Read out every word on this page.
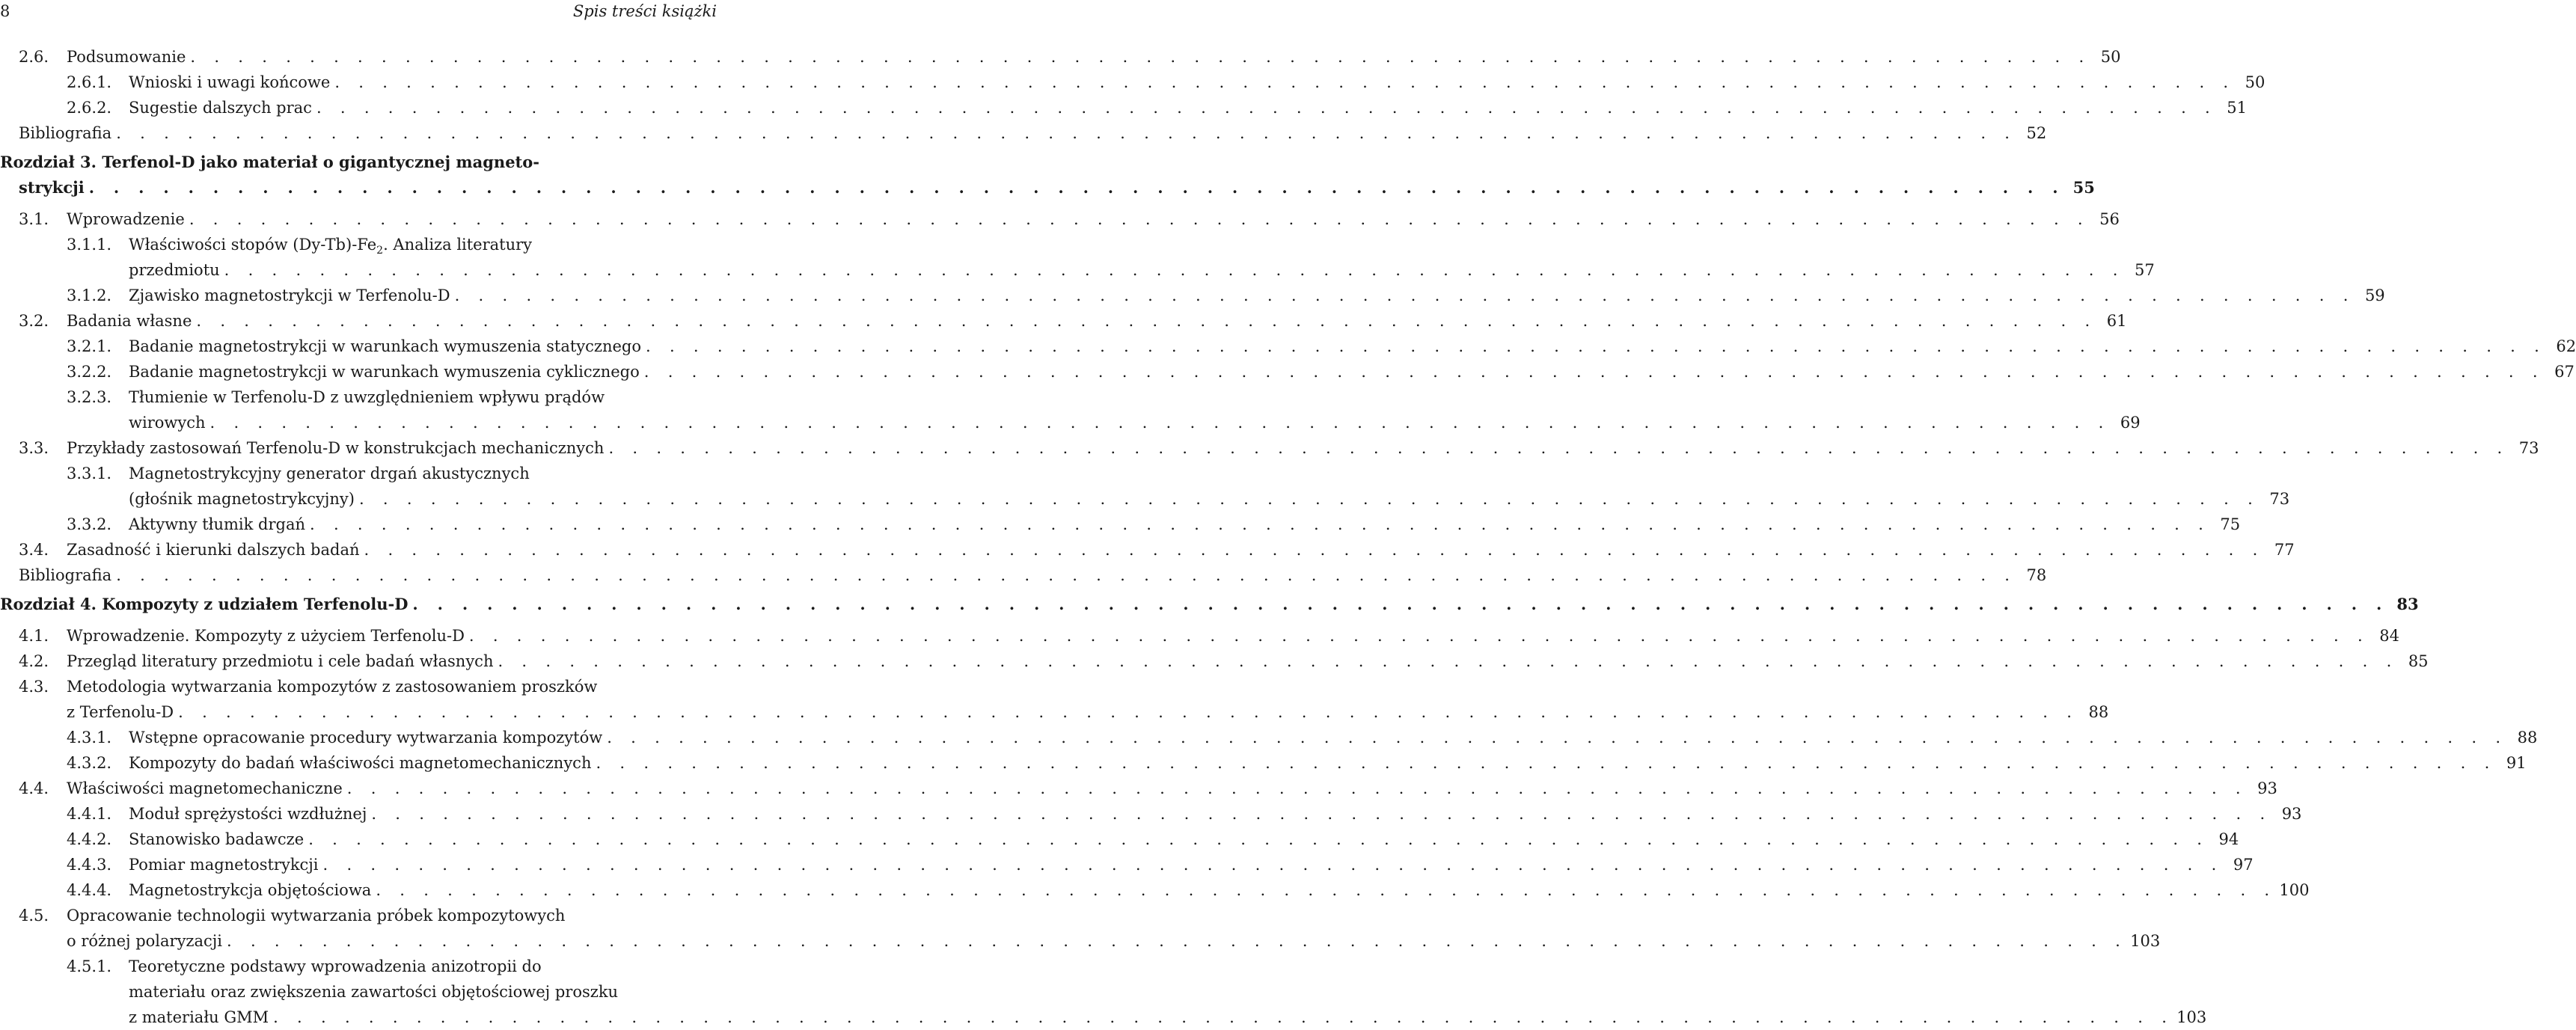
8	Spis treści książki
2.6. Podsumowanie . . . . . . . . . . . . . . . . . . . . . . . . . . . . . . . . . . . . . . . . . . . . . . . . . . . . . . . . . . . . . . . . . . . . . . . . . . . . . . . . 50
2.6.1. Wnioski i uwagi końcowe . . . . . . . . . . . . . . . . . . . . . . . . . . . . . . . . . . . . . . . . . . . . . . . . . . . . . . . . . . . . . . . . . . . . . . . . . . . . . . . . 50
2.6.2. Sugestie dalszych prac . . . . . . . . . . . . . . . . . . . . . . . . . . . . . . . . . . . . . . . . . . . . . . . . . . . . . . . . . . . . . . . . . . . . . . . . . . . . . . . . 51
Bibliografia . . . . . . . . . . . . . . . . . . . . . . . . . . . . . . . . . . . . . . . . . . . . . . . . . . . . . . . . . . . . . . . . . . . . . . . . . . . . . . . . 52
Rozdział 3. Terfenol-D jako materiał o gigantycznej magneto-
strykcji . . . . . . . . . . . . . . . . . . . . . . . . . . . . . . . . . . . . . . . . . . . . . . . . . . . . . . . . . . . . . . . . . . . . . . . . . . . . . . . . 55
3.1. Wprowadzenie . . . . . . . . . . . . . . . . . . . . . . . . . . . . . . . . . . . . . . . . . . . . . . . . . . . . . . . . . . . . . . . . . . . . . . . . . . . . . . . . 56
3.1.1. Właściwości stopów $(Dy-Tb)-Fe_2$. Analiza literatury
przedmiotu . . . . . . . . . . . . . . . . . . . . . . . . . . . . . . . . . . . . . . . . . . . . . . . . . . . . . . . . . . . . . . . . . . . . . . . . . . . . . . . . 57
3.1.2. Zjawisko magnetostrykcji w Terfenolu-D . . . . . . . . . . . . . . . . . . . . . . . . . . . . . . . . . . . . . . . . . . . . . . . . . . . . . . . . . . . . . . . . . . . . . . . . . . . . . . . . 59
3.2. Badania własne . . . . . . . . . . . . . . . . . . . . . . . . . . . . . . . . . . . . . . . . . . . . . . . . . . . . . . . . . . . . . . . . . . . . . . . . . . . . . . . . 61
3.2.1. Badanie magnetostrykcji w warunkach wymuszenia statycznego . . . . . . . . . . . . . . . . . . . . . . . . . . . . . . . . . . . . . . . . . . . . . . . . . . . . . . . . . . . . . . . . . . . . . . . . . . . . . . . . 62
3.2.2. Badanie magnetostrykcji w warunkach wymuszenia cyklicznego . . . . . . . . . . . . . . . . . . . . . . . . . . . . . . . . . . . . . . . . . . . . . . . . . . . . . . . . . . . . . . . . . . . . . . . . . . . . . . . . 67
3.2.3. Tłumienie w Terfenolu-D z uwzględnieniem wpływu prądów
wirowych . . . . . . . . . . . . . . . . . . . . . . . . . . . . . . . . . . . . . . . . . . . . . . . . . . . . . . . . . . . . . . . . . . . . . . . . . . . . . . . . 69
3.3. Przykłady zastosowań Terfenolu-D w konstrukcjach mechanicznych . . . . . . . . . . . . . . . . . . . . . . . . . . . . . . . . . . . . . . . . . . . . . . . . . . . . . . . . . . . . . . . . . . . . . . . . . . . . . . . . 73
3.3.1. Magnetostrykcyjny generator drgań akustycznych
(głośnik magnetostrykcyjny) . . . . . . . . . . . . . . . . . . . . . . . . . . . . . . . . . . . . . . . . . . . . . . . . . . . . . . . . . . . . . . . . . . . . . . . . . . . . . . . . 73
3.3.2. Aktywny tłumik drgań . . . . . . . . . . . . . . . . . . . . . . . . . . . . . . . . . . . . . . . . . . . . . . . . . . . . . . . . . . . . . . . . . . . . . . . . . . . . . . . . 75
3.4. Zasadność i kierunki dalszych badań . . . . . . . . . . . . . . . . . . . . . . . . . . . . . . . . . . . . . . . . . . . . . . . . . . . . . . . . . . . . . . . . . . . . . . . . . . . . . . . . 77
Bibliografia . . . . . . . . . . . . . . . . . . . . . . . . . . . . . . . . . . . . . . . . . . . . . . . . . . . . . . . . . . . . . . . . . . . . . . . . . . . . . . . . 78
Rozdział 4. Kompozyty z udziałem Terfenolu-D . . . . . . . . . . . . . . . . . . . . . . . . . . . . . . . . . . . . . . . . . . . . . . . . . . . . . . . . . . . . . . . . . . . . . . . . . . . . . . . . 83
4.1. Wprowadzenie. Kompozyty z użyciem Terfenolu-D . . . . . . . . . . . . . . . . . . . . . . . . . . . . . . . . . . . . . . . . . . . . . . . . . . . . . . . . . . . . . . . . . . . . . . . . . . . . . . . . 84
4.2. Przegląd literatury przedmiotu i cele badań własnych . . . . . . . . . . . . . . . . . . . . . . . . . . . . . . . . . . . . . . . . . . . . . . . . . . . . . . . . . . . . . . . . . . . . . . . . . . . . . . . . 85
4.3. Metodologia wytwarzania kompozytów z zastosowaniem proszków
z Terfenolu-D . . . . . . . . . . . . . . . . . . . . . . . . . . . . . . . . . . . . . . . . . . . . . . . . . . . . . . . . . . . . . . . . . . . . . . . . . . . . . . . . 88
4.3.1. Wstępne opracowanie procedury wytwarzania kompozytów . . . . . . . . . . . . . . . . . . . . . . . . . . . . . . . . . . . . . . . . . . . . . . . . . . . . . . . . . . . . . . . . . . . . . . . . . . . . . . . . 88
4.3.2. Kompozyty do badań właściwości magnetomechanicznych . . . . . . . . . . . . . . . . . . . . . . . . . . . . . . . . . . . . . . . . . . . . . . . . . . . . . . . . . . . . . . . . . . . . . . . . . . . . . . . . 91
4.4. Właściwości magnetomechaniczne . . . . . . . . . . . . . . . . . . . . . . . . . . . . . . . . . . . . . . . . . . . . . . . . . . . . . . . . . . . . . . . . . . . . . . . . . . . . . . . . 93
4.4.1. Moduł sprężystości wzdłużnej . . . . . . . . . . . . . . . . . . . . . . . . . . . . . . . . . . . . . . . . . . . . . . . . . . . . . . . . . . . . . . . . . . . . . . . . . . . . . . . . 93
4.4.2. Stanowisko badawcze . . . . . . . . . . . . . . . . . . . . . . . . . . . . . . . . . . . . . . . . . . . . . . . . . . . . . . . . . . . . . . . . . . . . . . . . . . . . . . . . 94
4.4.3. Pomiar magnetostrykcji . . . . . . . . . . . . . . . . . . . . . . . . . . . . . . . . . . . . . . . . . . . . . . . . . . . . . . . . . . . . . . . . . . . . . . . . . . . . . . . . 97
4.4.4. Magnetostrykcja objętościowa . . . . . . . . . . . . . . . . . . . . . . . . . . . . . . . . . . . . . . . . . . . . . . . . . . . . . . . . . . . . . . . . . . . . . . . . . . . . . . . . 100
4.5. Opracowanie technologii wytwarzania próbek kompozytowych
o różnej polaryzacji . . . . . . . . . . . . . . . . . . . . . . . . . . . . . . . . . . . . . . . . . . . . . . . . . . . . . . . . . . . . . . . . . . . . . . . . . . . . . . . . 103
4.5.1. Teoretyczne podstawy wprowadzenia anizotropii do
materiału oraz zwiększenia zawartości objętościowej proszku
z materiału GMM . . . . . . . . . . . . . . . . . . . . . . . . . . . . . . . . . . . . . . . . . . . . . . . . . . . . . . . . . . . . . . . . . . . . . . . . . . . . . . . . 103
